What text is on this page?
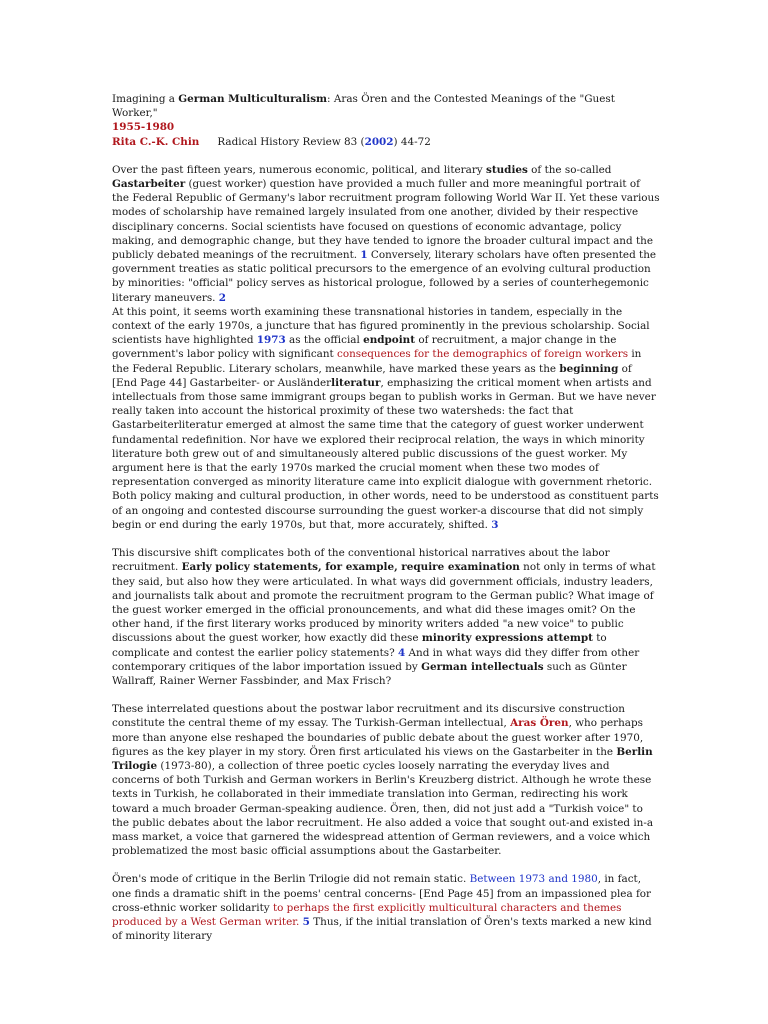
Imagining a German Multiculturalism: Aras Ören and the Contested Meanings of the "Guest Worker,"
1955-1980

Rita C.-K. Chin Radical History Review 83 (2002) 44-72

Over the past fifteen years, numerous economic, political, and literary studies of the so-called Gastarbeiter (guest worker) question have provided a much fuller and more meaningful portrait of the Federal Republic of Germany's labor recruitment program following World War II. Yet these various modes of scholarship have remained largely insulated from one another, divided by their respective disciplinary concerns. Social scientists have focused on questions of economic advantage, policy making, and demographic change, but they have tended to ignore the broader cultural impact and the publicly debated meanings of the recruitment. 1 Conversely, literary scholars have often presented the government treaties as static political precursors to the emergence of an evolving cultural production by minorities: "official" policy serves as historical prologue, followed by a series of counterhegemonic literary maneuvers. 2

At this point, it seems worth examining these transnational histories in tandem, especially in the context of the early 1970s, a juncture that has figured prominently in the previous scholarship. Social scientists have highlighted 1973 as the official endpoint of recruitment, a major change in the government's labor policy with significant consequences for the demographics of foreign workers in the Federal Republic. Literary scholars, meanwhile, have marked these years as the beginning of [End Page 44] Gastarbeiter- or Ausländerliteratur, emphasizing the critical moment when artists and intellectuals from those same immigrant groups began to publish works in German. But we have never really taken into account the historical proximity of these two watersheds: the fact that Gastarbeiterliteratur emerged at almost the same time that the category of guest worker underwent fundamental redefinition. Nor have we explored their reciprocal relation, the ways in which minority literature both grew out of and simultaneously altered public discussions of the guest worker. My argument here is that the early 1970s marked the crucial moment when these two modes of representation converged as minority literature came into explicit dialogue with government rhetoric. Both policy making and cultural production, in other words, need to be understood as constituent parts of an ongoing and contested discourse surrounding the guest worker-a discourse that did not simply begin or end during the early 1970s, but that, more accurately, shifted. 3

This discursive shift complicates both of the conventional historical narratives about the labor recruitment. Early policy statements, for example, require examination not only in terms of what they said, but also how they were articulated. In what ways did government officials, industry leaders, and journalists talk about and promote the recruitment program to the German public? What image of the guest worker emerged in the official pronouncements, and what did these images omit? On the other hand, if the first literary works produced by minority writers added "a new voice" to public discussions about the guest worker, how exactly did these minority expressions attempt to complicate and contest the earlier policy statements? 4 And in what ways did they differ from other contemporary critiques of the labor importation issued by German intellectuals such as Günter Wallraff, Rainer Werner Fassbinder, and Max Frisch?

These interrelated questions about the postwar labor recruitment and its discursive construction constitute the central theme of my essay. The Turkish-German intellectual, Aras Ören, who perhaps more than anyone else reshaped the boundaries of public debate about the guest worker after 1970, figures as the key player in my story. Ören first articulated his views on the Gastarbeiter in the Berlin Trilogie (1973-80), a collection of three poetic cycles loosely narrating the everyday lives and concerns of both Turkish and German workers in Berlin's Kreuzberg district. Although he wrote these texts in Turkish, he collaborated in their immediate translation into German, redirecting his work toward a much broader German-speaking audience. Ören, then, did not just add a "Turkish voice" to the public debates about the labor recruitment. He also added a voice that sought out-and existed in-a mass market, a voice that garnered the widespread attention of German reviewers, and a voice which problematized the most basic official assumptions about the Gastarbeiter.

Ören's mode of critique in the Berlin Trilogie did not remain static. Between 1973 and 1980, in fact, one finds a dramatic shift in the poems' central concerns- [End Page 45] from an impassioned plea for cross-ethnic worker solidarity to perhaps the first explicitly multicultural characters and themes produced by a West German writer. 5 Thus, if the initial translation of Ören's texts marked a new kind of minority literary
